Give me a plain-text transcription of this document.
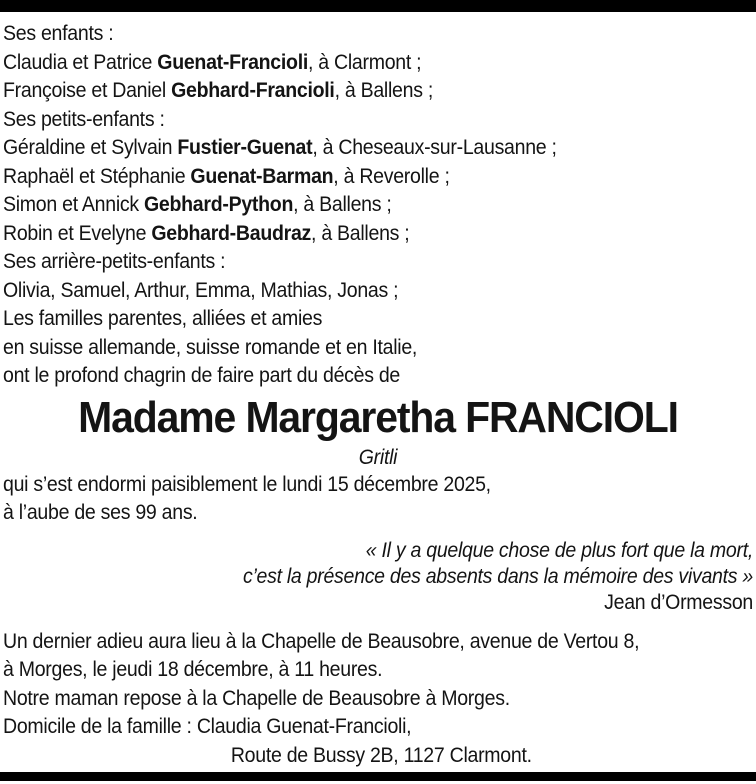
Ses enfants :

Claudia et Patrice Guenat-Francioli, à Clarmont ;

Françoise et Daniel Gebhard-Francioli, à Ballens ;

Ses petits-enfants :

Géraldine et Sylvain Fustier-Guenat, à Cheseaux-sur-Lausanne ;

Raphaël et Stéphanie Guenat-Barman, à Reverolle ;

Simon et Annick Gebhard-Python, à Ballens ;

Robin et Evelyne Gebhard-Baudraz, à Ballens ;

Ses arrière-petits-enfants :

Olivia, Samuel, Arthur, Emma, Mathias, Jonas ;

Les familles parentes, alliées et amies

en suisse allemande, suisse romande et en Italie,

ont le profond chagrin de faire part du décès de

Madame Margaretha FRANCIOLI

Gritli

qui s’est endormi paisiblement le lundi 15 décembre 2025,

à l’aube de ses 99 ans.

« Il y a quelque chose de plus fort que la mort,

c’est la présence des absents dans la mémoire des vivants »

Jean d’Ormesson

Un dernier adieu aura lieu à la Chapelle de Beausobre, avenue de Vertou 8,

à Morges, le jeudi 18 décembre, à 11 heures.

Notre maman repose à la Chapelle de Beausobre à Morges.

Domicile de la famille : Claudia Guenat-Francioli,

Route de Bussy 2B, 1127 Clarmont.
